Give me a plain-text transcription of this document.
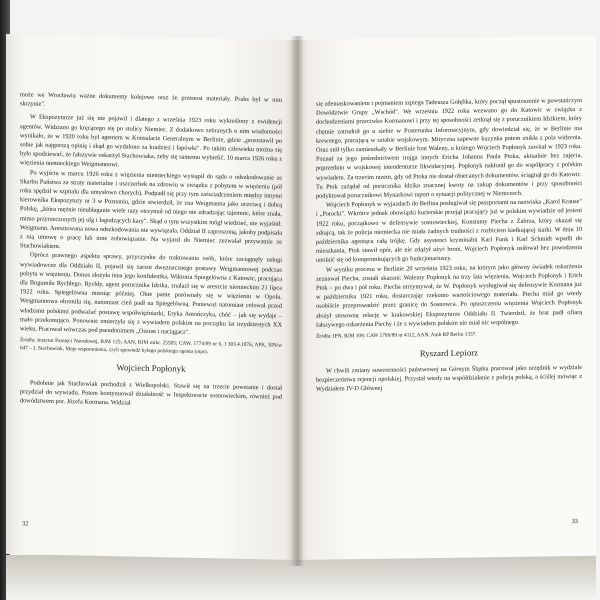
może we Wrocławiu ważne dokumenty kolejowe oraz że przenosi materiały. Praks był w nim skrzynie".

W Ekspozyturze już się nie pojawił i dlatego z września 1923 roku wykreślony z ewidencji agentów. Widziano go kręcącego się po stolicy Niemiec. Z dodatkowo zebranych o nim wiadomości wynikało, że w 1920 roku był agentem w Konsulacie Generalnym w Berlinie, gdzie „pozostawił po sobie jak najgorszą opinię i skąd go wydalono za kradzież i łapówki". Po takim człowieku można się było spodziewać, że fałszywie oskarżył Stachowiaka, żeby się samemu wybielić. 10 marca 1926 roku z więzienia niemieckiego Weigmannowi.

Po wyjściu w marcu 1926 roku z więzienia niemieckiego wystąpił do sądu o odszkodowanie ze Skarbu Państwa za straty materialne i uszczerbek na zdrowiu w związku z pobytem w więzieniu (pół roku spędził w szpitalu dla umysłowo chorych). Podpadł się przy tym zaświadczeniem między innymi kierownika Ekspozytury nr 3 w Poznaniu, gdzie stwierdził, że zna Weigmanna jako uczciwą i dobrą Polskę, „która mężnie nieubłaganie wiele razy otrzymał od niego nie zdradzając tajemnic, które znała, mimo przyrzeczonych jej ulg i łagodzących kary". Skąd o tym wszystkim mógł wiedzieć, nie wyjaśnił. Weigmann. Aresztowana nowa odszkodowania nie wywiązała. Oddział II zaproszoną, jakoby podpisała z nią umowę o pracę lub inne zobowiązanie. Na wyjazd do Niemiec zezwalał przywatnie ze Stachowiakiem.

Oprócz prawnego aspektu sprawy, przyczynku do traktowania osób, które zaciągnęły usługi wywiadowcze dla Oddziału II, pojawił się zarzut dwuznacznego postawy Weigmannowej podczas pobytu w więzieniu. Donos złożyła inna jego konfidentka, Wiktoria Spiegelówna z Katowic, pracująca dla Bogumiła Rychłego. Rychły, agent porucznika Idzika, znalazł się w areszcie niemieckim 21 lipca 1922 roku. Spiegelówna miesiąc później. Obie panie porównały się w więzieniu w Opolu. Weigmannowa obroniła się, natomiast cień padł na Spiegelówną. Ponieważ natomiast celował przed władzami polskimi podważać postawę współwięźniarki, Eryka Antończyka, chóć – jak się wydaje – mało przekonująco. Ponownie zmierzyła się z wywiadem polskim na początku lat trzydziestych XX wieku. Pracował wówczas pod pseudonimem „Oszust i naciągacz".

Źródła: Instytut Pamięci Narodowej, RJM 125; AAN, RJM mikr. 25585; CAW, 1774/89 nr 6, I 303.4.1876; APK, ŚIN/w 647 – J. Stachowiak, Moje wspomnienia, czyli spowiedź byłego polskiego agenta (mps).

Wojciech Popłonyk

Podobnie jak Stachowiak pochodził z Wielkopolski. Stawił się na trzecie powstanie i dostał przydział do wywiadu. Potem kontynuował działalność w Inspektoracie sosnowieckim, również pod dowództwem por. Józefa Kormana. Widział

32

się zdemaskowaniem i pojmaniem szpiega Tadeusza Gołębka, który począł spustoszenie w powstańczym Dowództwie Grupy „Wschód". We wrześniu 1922 roku wezwano go do Katowic w związku z dochodzeniami przeciwko Kormanowi i przy tej sposobności zetknął się z porucznikiem Idzikiem, który chętnie zatrudnił go u siebie w Posterunku Informacyjnym, gdy dowiedział się, że w Berlinie ma krewnego, pracującą w sztabie wojskowym. Mityczna zapewne kuzynka potem znikła z pola widzenia. Oraz stół tylko zamieszkały w Berlinie brat Waleny, u którego Wojciech Popłonyk zawitał w 1923 roku. Poznał za jego pośrednictwem trojga innych Ericha Johanna Paula Ptoka, aktualnie bez zajęcia, poprzednio w wojskowej intendenturze likwidacyjnej. Popłonyk nakłonił go do współpracy z polskim wywiadem. Za trzecim razem, gdy od Ptoka nie dostał obiecanych dokumentów, ściągnął go do Katowic. Tu Ptok zażądał od porucznika Idzika znacznej kwoty na zakup dokumentów i przy sposobności podyktował porucznikowi Mynarkowi raport o sytuacji politycznej w Niemczech.

Wojciech Popłonyk w wyjazdach do Berlina posługiwał się paszportami na nazwiska „Karol Krause" i „Potocki". Wkrótce jednak obowiązki kurierskie przejął pracujący już w polskim wywiadzie od jesieni 1922 roku, początkowo w defensywie sosnowieckiej, Konstanty Piecha z Zabrza, który okazał się zdrajcą, tak że policja niemiecka nie miała żadnych trudności z rozbiciem kiełkującej siatki. W dniu 10 października agentąca całą trójkę. Gdy asystenci kryminalni Karl Funk i Karl Schmidt wpadli do mieszkania, Ptok stawił opór, ale nie zdążył użyć broni. Wojciech Popłonyk usiłował bez powodzenia unolnić się od kompromitujących go funkcjonariuszy.

W wyniku procesu w Berlinie 20 września 1923 roku, na którym jako główny świadek oskarżenia zeznawał Piecha, zostali skazani: Walenty Popłonyk na trzy lata więzienia, Wojciech Popłonyk i Erich Ptok – po dwa i pół roku. Piecha utrzymywał, że W. Popłonyk wysługiwał się defensywie Kormana już w październiku 1921 roku, dostarczając rzekomo wartościowego materiału. Piecha miał go wtedy osobiście przeprowadzić przez granicę do Sosnowca. Po opuszczeniu więzienia Wojciech Popłonyk złożył stosowną relację w krakowskiej Ekspozyturze Oddziału II. Twierdził, że brat padł ofiarą fałszywego oskarżenia Piechy i że z wywiadem polskim nie miał nic wspólnego.

Źródła: IPN, RJM 109; CAW 1769/89 nr 4112, AAN, Amb RP Berlin 1337.

Ryszard Lepiorz

W chwili zmiany suwerenności państwowej na Górnym Śląsku pracował jako urzędnik w wydziale bezpieczeństwa rejencji opolskiej. Przystał wtedy na współdziałanie z policją polską, a ściślej mówiąc z Wydziałem IV-D Głównej

33
